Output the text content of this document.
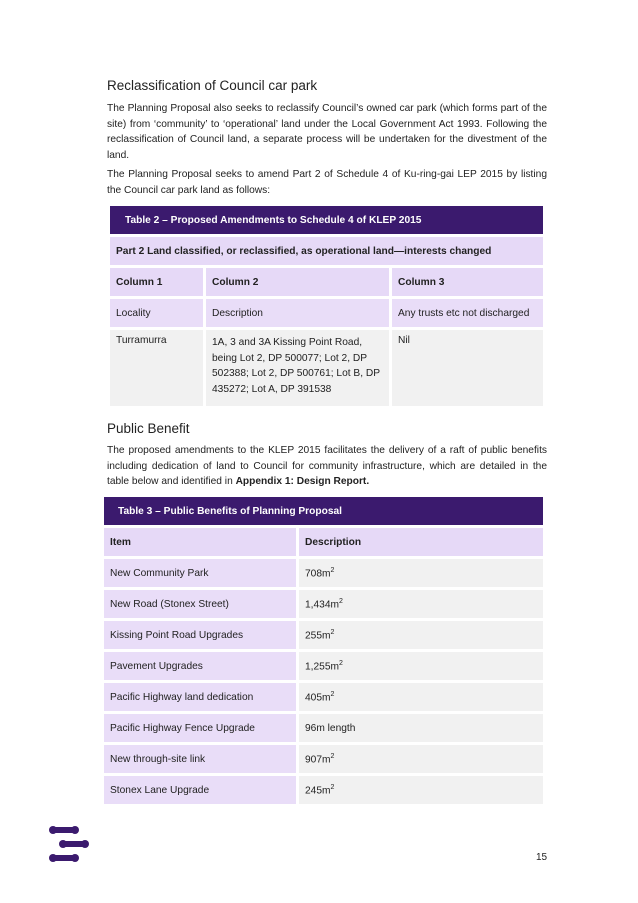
Reclassification of Council car park

The Planning Proposal also seeks to reclassify Council’s owned car park (which forms part of the site) from ‘community’ to ‘operational’ land under the Local Government Act 1993. Following the reclassification of Council land, a separate process will be undertaken for the divestment of the land.

The Planning Proposal seeks to amend Part 2 of Schedule 4 of Ku-ring-gai LEP 2015 by listing the Council car park land as follows:

Table 2 – Proposed Amendments to Schedule 4 of KLEP 2015		
Part 2 Land classified, or reclassified, as operational land—interests changed		
Column 1	Column 2	Column 3
Locality	Description	Any trusts etc not discharged
Turramurra	1A, 3 and 3A Kissing Point Road, being Lot 2, DP 500077; Lot 2, DP 502388; Lot 2, DP 500761; Lot B, DP 435272; Lot A, DP 391538	Nil
Public Benefit

The proposed amendments to the KLEP 2015 facilitates the delivery of a raft of public benefits including dedication of land to Council for community infrastructure, which are detailed in the table below and identified in Appendix 1: Design Report.

Table 3 – Public Benefits of Planning Proposal	
Item	Description
New Community Park	$708m^2$
New Road (Stonex Street)	$1,434m^2$
Kissing Point Road Upgrades	$255m^2$
Pavement Upgrades	$1,255m^2$
Pacific Highway land dedication	$405m^2$
Pacific Highway Fence Upgrade	96m length
New through-site link	$907m^2$
Stonex Lane Upgrade	$245m^2$
15
